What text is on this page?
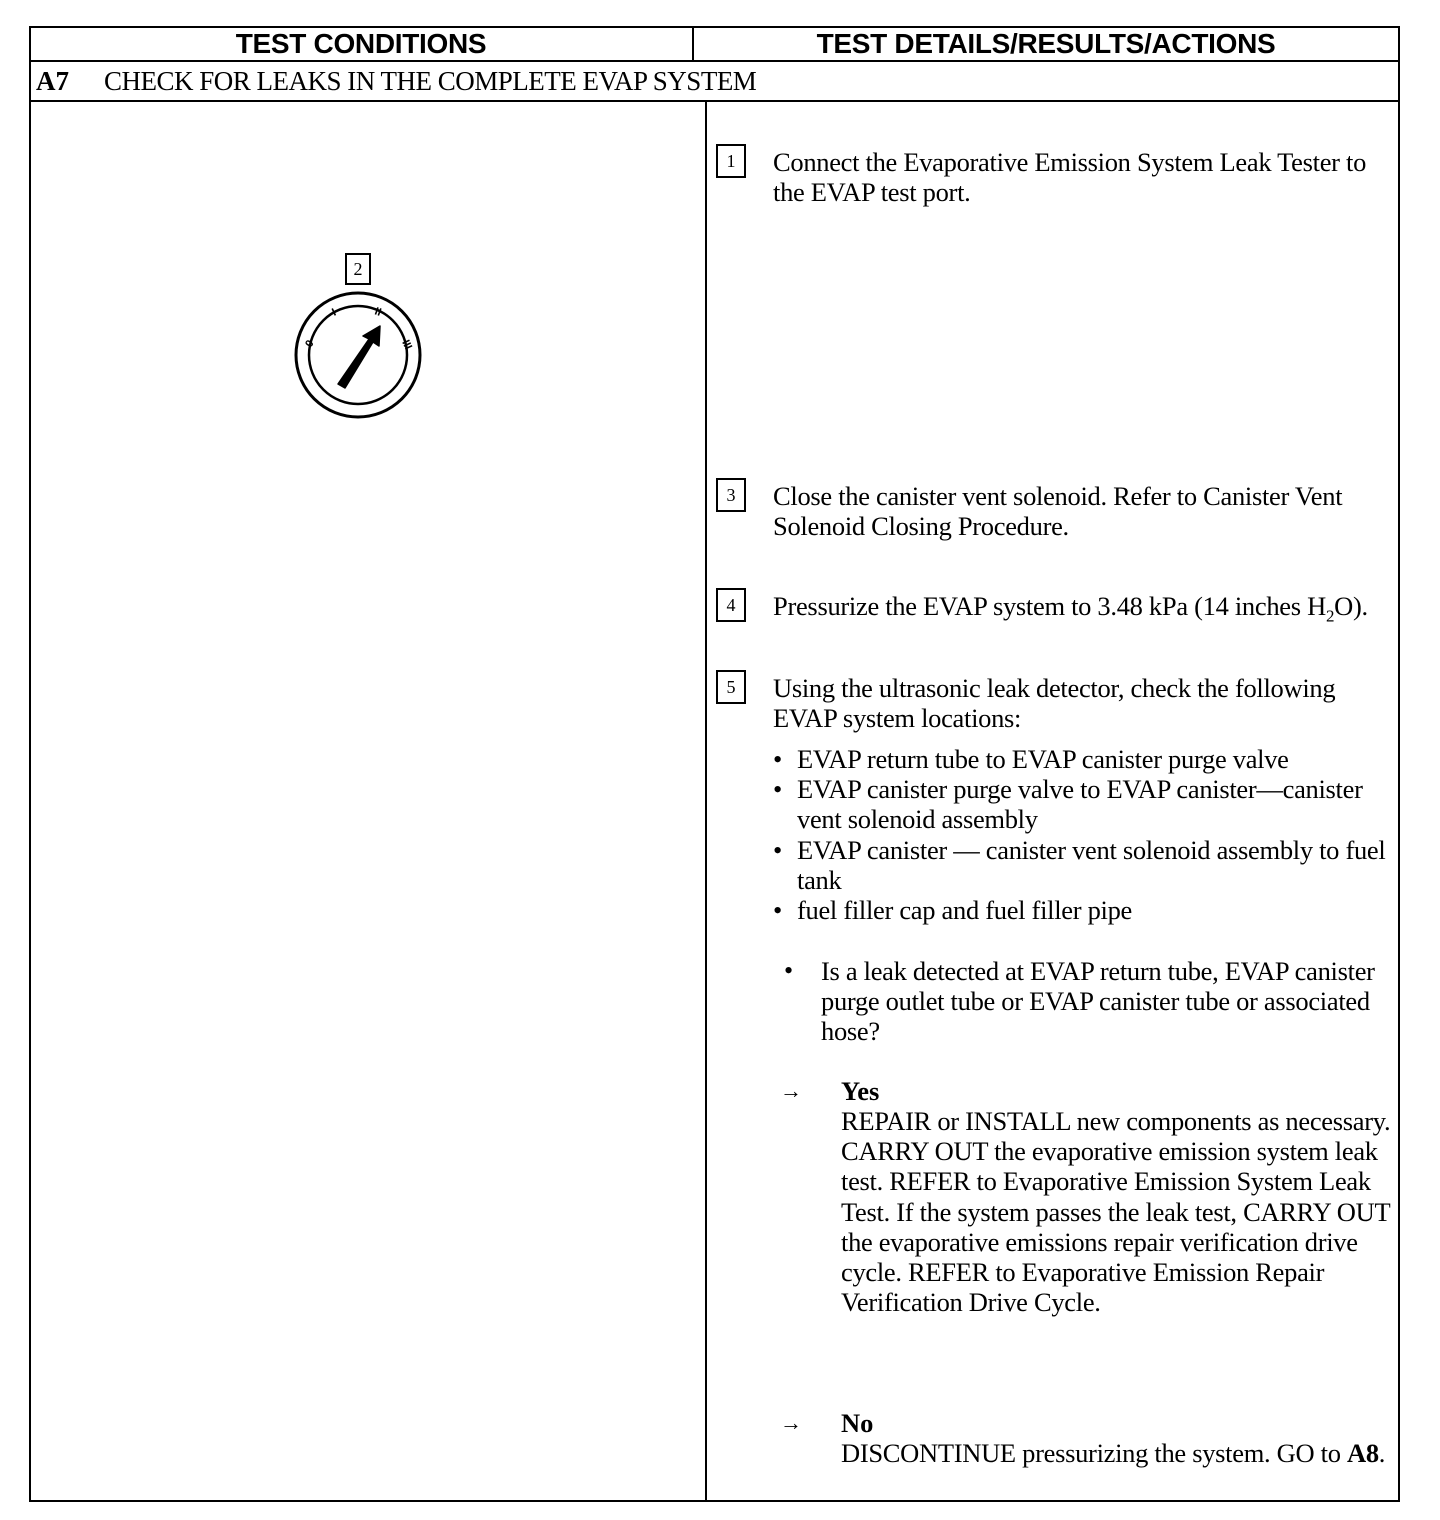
TEST CONDITIONS	TEST DETAILS/RESULTS/ACTIONS
A7 CHECK FOR LEAKS IN THE COMPLETE EVAP SYSTEM
2
0
I	II
III
1	Connect the Evaporative Emission System Leak Tester to the EVAP test port.
3	Close the canister vent solenoid. Refer to Canister Vent Solenoid Closing Procedure.
4	Pressurize the EVAP system to 3.48 kPa (14 inches $H_2O$).
5	Using the ultrasonic leak detector, check the following EVAP system locations:
• EVAP return tube to EVAP canister purge valve
• EVAP canister purge valve to EVAP canister—canister vent solenoid assembly
• EVAP canister — canister vent solenoid assembly to fuel tank
• fuel filler cap and fuel filler pipe
• Is a leak detected at EVAP return tube, EVAP canister purge outlet tube or EVAP canister tube or associated hose?
→ Yes
REPAIR or INSTALL new components as necessary. CARRY OUT the evaporative emission system leak test. REFER to Evaporative Emission System Leak Test. If the system passes the leak test, CARRY OUT the evaporative emissions repair verification drive cycle. REFER to Evaporative Emission Repair Verification Drive Cycle.
→ No
DISCONTINUE pressurizing the system. GO to A8.
